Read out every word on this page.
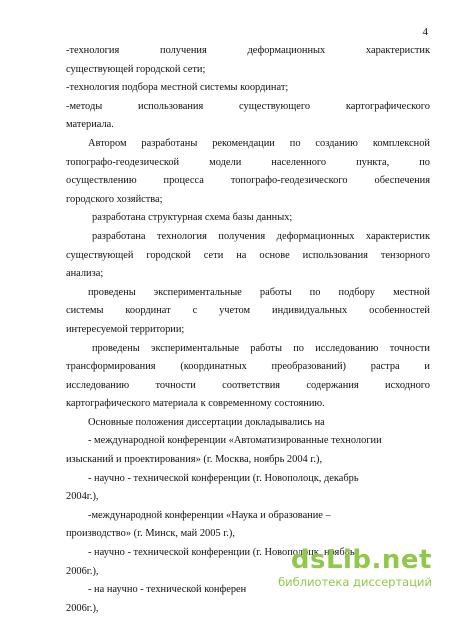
4
-технология получения деформационных характеристик
существующей городской сети;
-технология подбора местной системы координат;
-методы использования существующего картографического
материала.
Автором разработаны рекомендации по созданию комплексной
топографо-геодезической модели населенного пункта, по
осуществлению процесса топографо-геодезического обеспечения
городского хозяйства;
разработана структурная схема базы данных;
разработана технология получения деформационных характеристик
существующей городской сети на основе использования тензорного
анализа;
проведены экспериментальные работы по подбору местной
системы координат с учетом индивидуальных особенностей
интересуемой территории;
проведены экспериментальные работы по исследованию точности
трансформирования (координатных преобразований) растра и
исследованию точности соответствия содержания исходного
картографического материала к современному состоянию.
Основные положения диссертации докладывались на
- международной конференции «Автоматизированные технологии
изысканий и проектирования» (г. Москва, ноябрь 2004 г.),
- научно - технической конференции (г. Новополоцк, декабрь
2004г.),
-международной конференции «Наука и образование –
производство» (г. Минск, май 2005 г.),
- научно - технической конференции (г. Новополоцк, ноябрь
2006г.),
- на научно - технической конферен
2006г.),
dsLib.net
библиотека диссертаций
